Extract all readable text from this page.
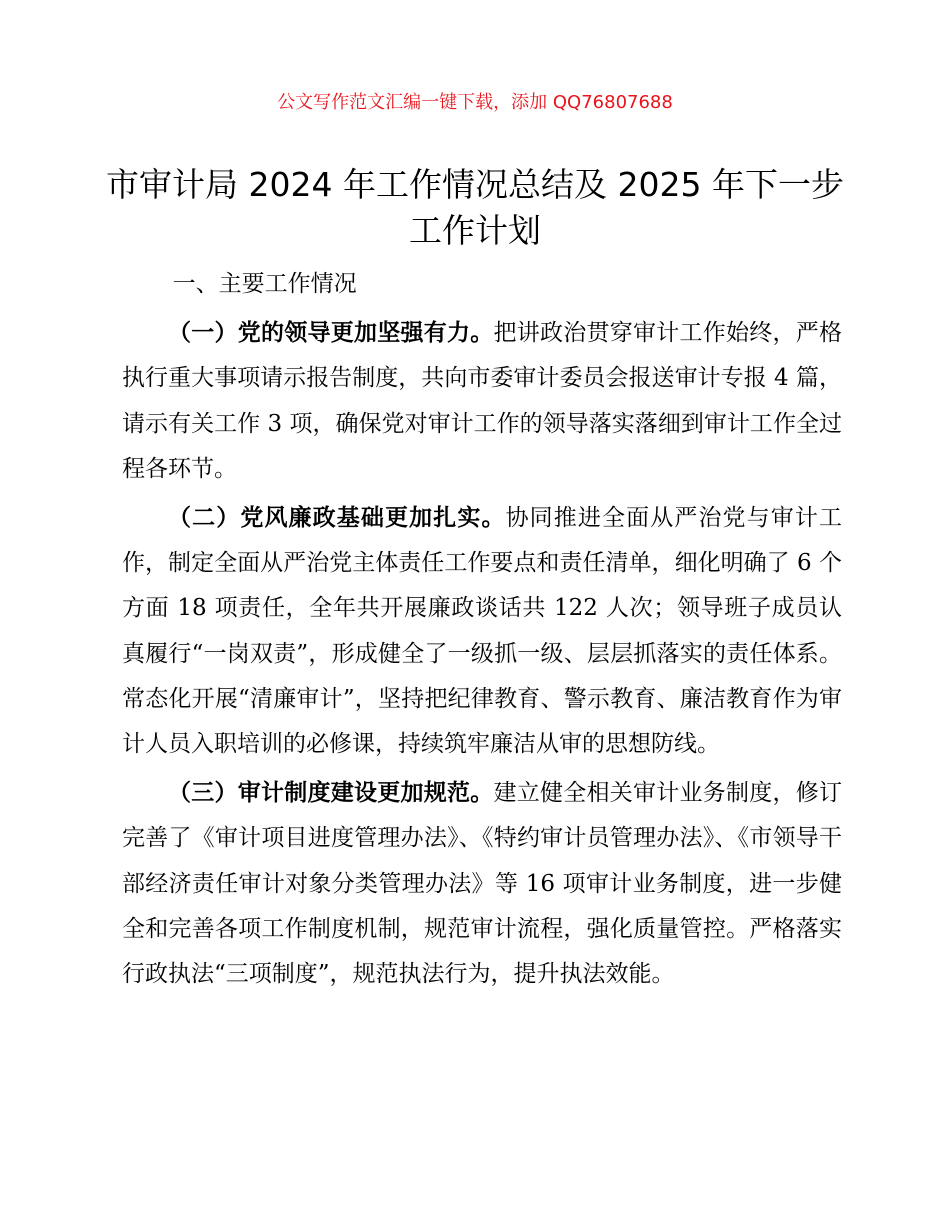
公文写作范文汇编一键下载，添加 QQ76807688
市审计局 2024 年工作情况总结及 2025 年下一步
工作计划

一、主要工作情况

（一）党的领导更加坚强有力。把讲政治贯穿审计工作始终，严格执行重大事项请示报告制度，共向市委审计委员会报送审计专报 4 篇，请示有关工作 3 项，确保党对审计工作的领导落实落细到审计工作全过程各环节。

（二）党风廉政基础更加扎实。协同推进全面从严治党与审计工作，制定全面从严治党主体责任工作要点和责任清单，细化明确了 6 个方面 18 项责任，全年共开展廉政谈话共 122 人次；领导班子成员认真履行“一岗双责”，形成健全了一级抓一级、层层抓落实的责任体系。常态化开展“清廉审计”，坚持把纪律教育、警示教育、廉洁教育作为审计人员入职培训的必修课，持续筑牢廉洁从审的思想防线。

（三）审计制度建设更加规范。建立健全相关审计业务制度，修订完善了《审计项目进度管理办法》、《特约审计员管理办法》、《市领导干部经济责任审计对象分类管理办法》等 16 项审计业务制度，进一步健全和完善各项工作制度机制，规范审计流程，强化质量管控。严格落实行政执法“三项制度”，规范执法行为，提升执法效能。
